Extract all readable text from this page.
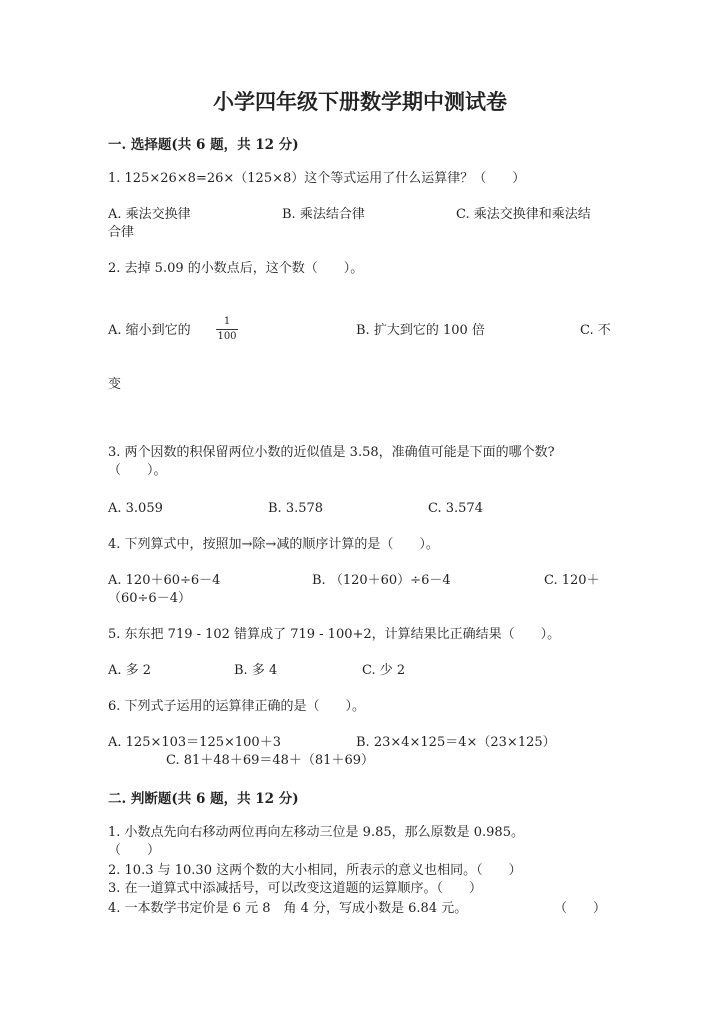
小学四年级下册数学期中测试卷
一. 选择题(共 6 题，共 12 分)
1. 125×26×8=26×（125×8）这个等式运用了什么运算律？（　　）
A. 乘法交换律	B. 乘法结合律	C. 乘法交换律和乘法结
合律
2. 去掉 5.09 的小数点后，这个数（　　）。
A. 缩小到它的
1
100	B. 扩大到它的 100 倍	C. 不
变
3. 两个因数的积保留两位小数的近似值是 3.58，准确值可能是下面的哪个数?
（　　）。
A. 3.059	B. 3.578	C. 3.574
4. 下列算式中，按照加→除→减的顺序计算的是（　　）。
A. 120＋60÷6－4	B. （120＋60）÷6－4	C. 120＋
（60÷6－4）
5. 东东把 719 - 102 错算成了 719 - 100+2，计算结果比正确结果（　　）。
A. 多 2	B. 多 4	C. 少 2
6. 下列式子运用的运算律正确的是（　　）。
A. 125×103＝125×100＋3	B. 23×4×125＝4×（23×125）
C. 81＋48＋69＝48＋（81＋69）
二. 判断题(共 6 题，共 12 分)
1. 小数点先向右移动两位再向左移动三位是 9.85，那么原数是 0.985。
（　　）
2. 10.3 与 10.30 这两个数的大小相同，所表示的意义也相同。（　　）
3. 在一道算式中添减括号，可以改变这道题的运算顺序。（　　）
4. 一本数学书定价是 6 元 8　角 4 分，写成小数是 6.84 元。	（　　）
